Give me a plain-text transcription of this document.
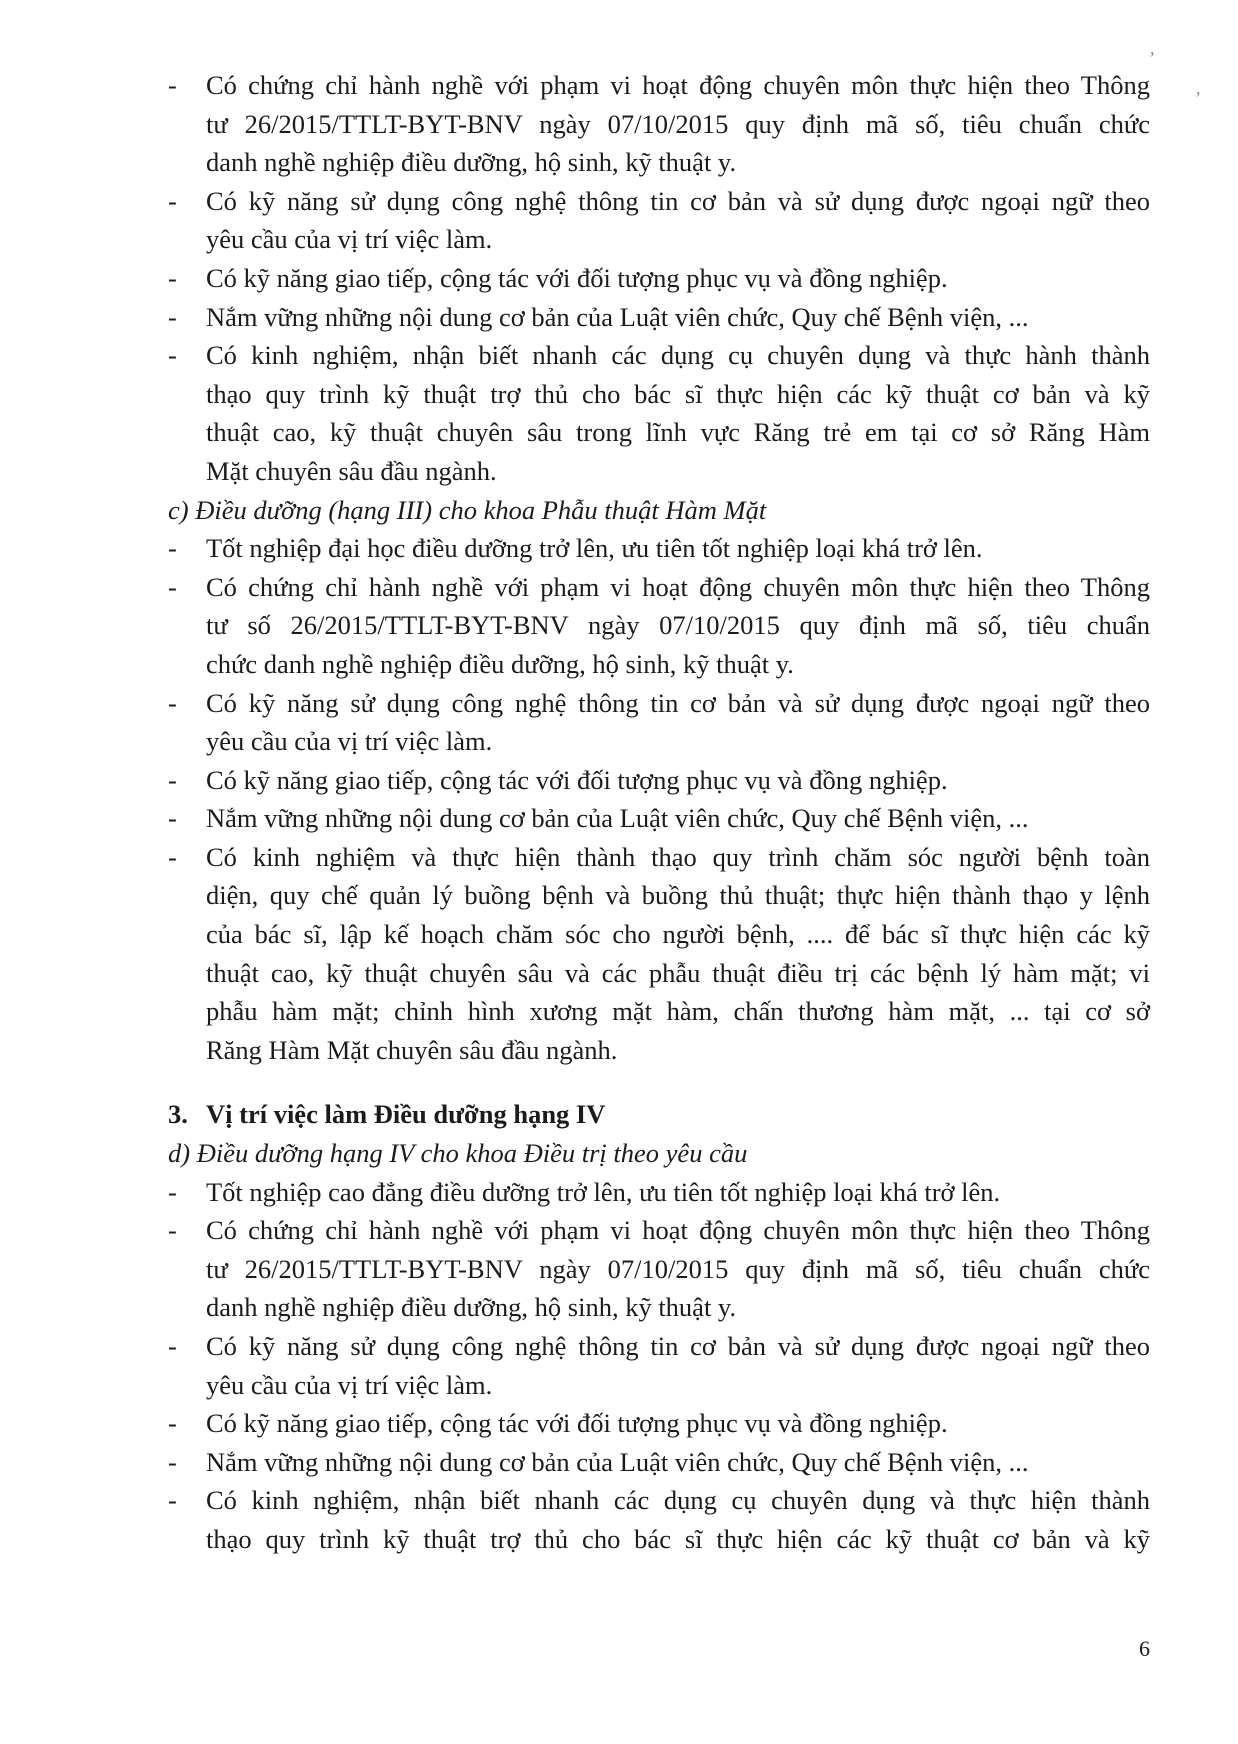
,
,
-	Có chứng chỉ hành nghề với phạm vi hoạt động chuyên môn thực hiện theo Thông
tư 26/2015/TTLT-BYT-BNV ngày 07/10/2015 quy định mã số, tiêu chuẩn chức
danh nghề nghiệp điều dưỡng, hộ sinh, kỹ thuật y.
-	Có kỹ năng sử dụng công nghệ thông tin cơ bản và sử dụng được ngoại ngữ theo
yêu cầu của vị trí việc làm.
-	Có kỹ năng giao tiếp, cộng tác với đối tượng phục vụ và đồng nghiệp.
-	Nắm vững những nội dung cơ bản của Luật viên chức, Quy chế Bệnh viện, ...
-	Có kinh nghiệm, nhận biết nhanh các dụng cụ chuyên dụng và thực hành thành
thạo quy trình kỹ thuật trợ thủ cho bác sĩ thực hiện các kỹ thuật cơ bản và kỹ
thuật cao, kỹ thuật chuyên sâu trong lĩnh vực Răng trẻ em tại cơ sở Răng Hàm
Mặt chuyên sâu đầu ngành.
c) Điều dưỡng (hạng III) cho khoa Phẫu thuật Hàm Mặt
-	Tốt nghiệp đại học điều dưỡng trở lên, ưu tiên tốt nghiệp loại khá trở lên.
-	Có chứng chỉ hành nghề với phạm vi hoạt động chuyên môn thực hiện theo Thông
tư số 26/2015/TTLT-BYT-BNV ngày 07/10/2015 quy định mã số, tiêu chuẩn
chức danh nghề nghiệp điều dưỡng, hộ sinh, kỹ thuật y.
-	Có kỹ năng sử dụng công nghệ thông tin cơ bản và sử dụng được ngoại ngữ theo
yêu cầu của vị trí việc làm.
-	Có kỹ năng giao tiếp, cộng tác với đối tượng phục vụ và đồng nghiệp.
-	Nắm vững những nội dung cơ bản của Luật viên chức, Quy chế Bệnh viện, ...
-	Có kinh nghiệm và thực hiện thành thạo quy trình chăm sóc người bệnh toàn
diện, quy chế quản lý buồng bệnh và buồng thủ thuật; thực hiện thành thạo y lệnh
của bác sĩ, lập kế hoạch chăm sóc cho người bệnh, .... để bác sĩ thực hiện các kỹ
thuật cao, kỹ thuật chuyên sâu và các phẫu thuật điều trị các bệnh lý hàm mặt; vi
phẫu hàm mặt; chỉnh hình xương mặt hàm, chấn thương hàm mặt, ... tại cơ sở
Răng Hàm Mặt chuyên sâu đầu ngành.
3. Vị trí việc làm Điều dưỡng hạng IV
d) Điều dưỡng hạng IV cho khoa Điều trị theo yêu cầu
-	Tốt nghiệp cao đẳng điều dưỡng trở lên, ưu tiên tốt nghiệp loại khá trở lên.
-	Có chứng chỉ hành nghề với phạm vi hoạt động chuyên môn thực hiện theo Thông
tư 26/2015/TTLT-BYT-BNV ngày 07/10/2015 quy định mã số, tiêu chuẩn chức
danh nghề nghiệp điều dưỡng, hộ sinh, kỹ thuật y.
-	Có kỹ năng sử dụng công nghệ thông tin cơ bản và sử dụng được ngoại ngữ theo
yêu cầu của vị trí việc làm.
-	Có kỹ năng giao tiếp, cộng tác với đối tượng phục vụ và đồng nghiệp.
-	Nắm vững những nội dung cơ bản của Luật viên chức, Quy chế Bệnh viện, ...
-	Có kinh nghiệm, nhận biết nhanh các dụng cụ chuyên dụng và thực hiện thành
thạo quy trình kỹ thuật trợ thủ cho bác sĩ thực hiện các kỹ thuật cơ bản và kỹ
6
